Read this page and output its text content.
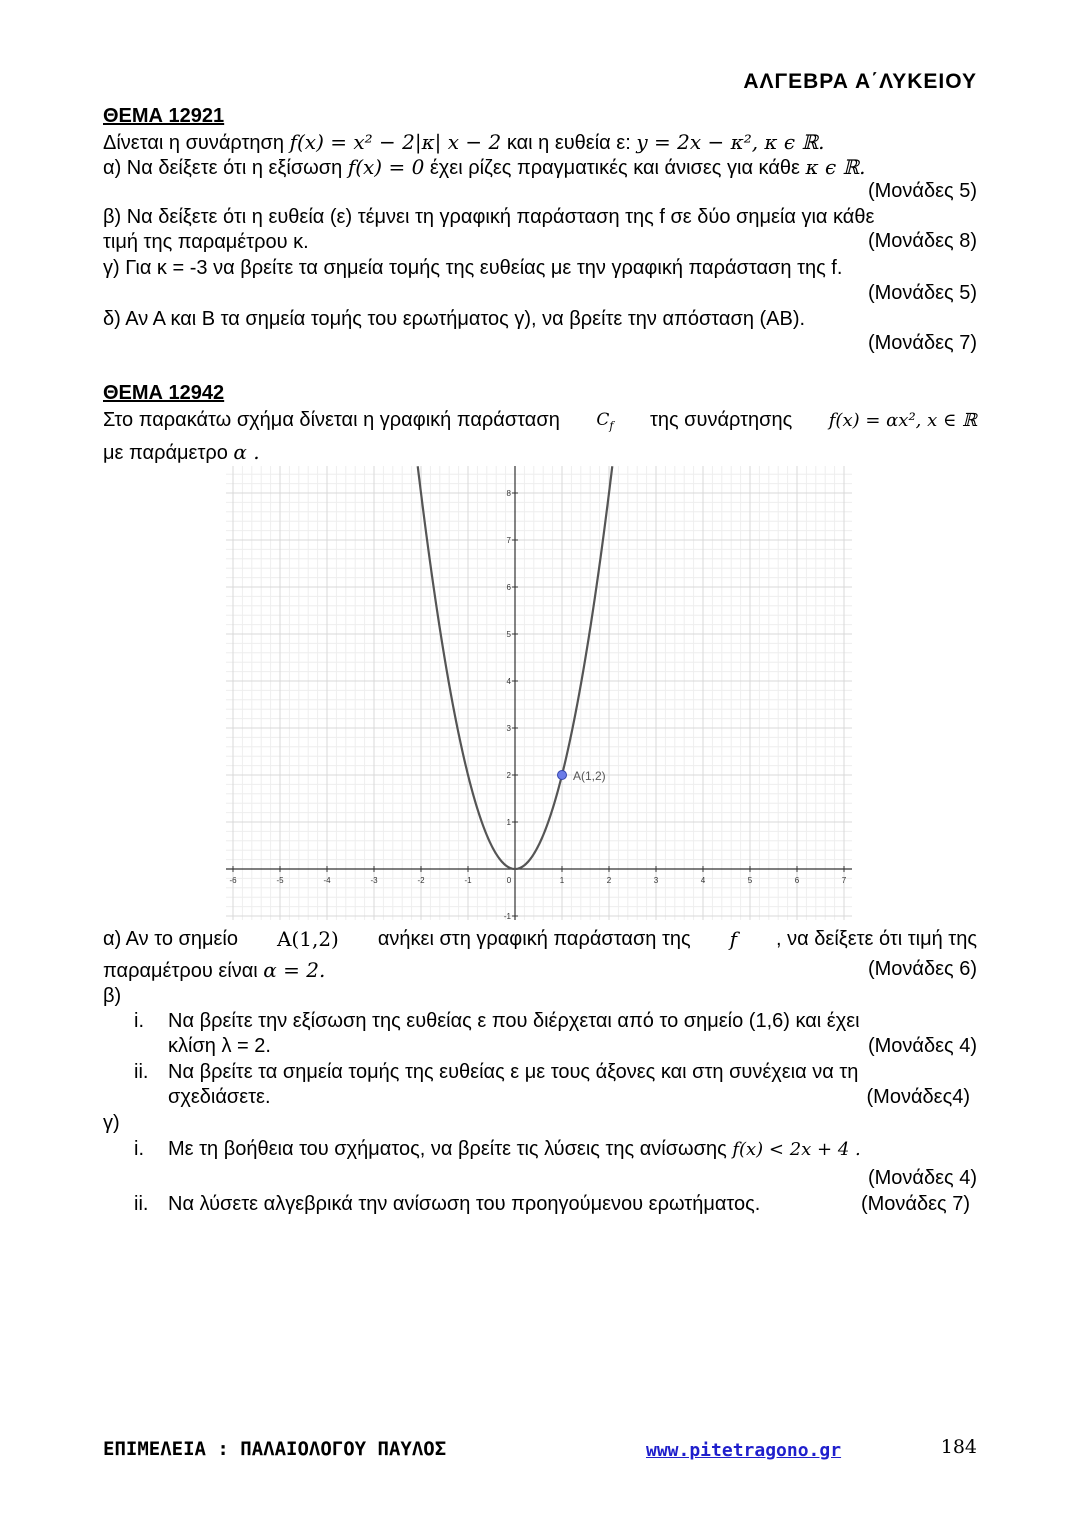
ΑΛΓΕΒΡΑ Α΄ΛΥΚΕΙΟΥ
ΘΕΜΑ 12921
Δίνεται η συνάρτηση f(x) = x² − 2|κ| x − 2 και η ευθεία ε: y = 2x − κ², κ ϵ ℝ.
α) Να δείξετε ότι η εξίσωση f(x) = 0 έχει ρίζες πραγματικές και άνισες για κάθε κ ϵ ℝ.
(Μονάδες 5)
β) Να δείξετε ότι η ευθεία (ε) τέμνει τη γραφική παράσταση της f σε δύο σημεία για κάθε
τιμή της παραμέτρου κ.	(Μονάδες 8)
γ) Για κ = -3 να βρείτε τα σημεία τομής της ευθείας με την γραφική παράσταση της f.
(Μονάδες 5)
δ) Αν Α και Β τα σημεία τομής του ερωτήματος γ), να βρείτε την απόσταση (ΑΒ).
(Μονάδες 7)
ΘΕΜΑ 12942
Στο παρακάτω σχήμα δίνεται η γραφική παράσταση $C_f$ της συνάρτησης f(x) = αx², x ∈ ℝ
με παράμετρο α .
-6	-5	-4	-3	-2	-1	0	1	2	3	4	5	6	7
-1
1
2
3
4
5
6
7
8
A(1,2)
α) Αν το σημείο Α(1,2) ανήκει στη γραφική παράσταση της f , να δείξετε ότι τιμή της
παραμέτρου είναι α = 2.	(Μονάδες 6)
β)
i. Να βρείτε την εξίσωση της ευθείας ε που διέρχεται από το σημείο (1,6) και έχει
κλίση λ = 2.	(Μονάδες 4)
ii. Να βρείτε τα σημεία τομής της ευθείας ε με τους άξονες και στη συνέχεια να τη
σχεδιάσετε.	(Μονάδες4)
γ)
i. Με τη βοήθεια του σχήματος, να βρείτε τις λύσεις της ανίσωσης f(x) < 2x + 4 .
(Μονάδες 4)
ii. Να λύσετε αλγεβρικά την ανίσωση του προηγούμενου ερωτήματος.	(Μονάδες 7)
ΕΠΙΜΕΛΕΙΑ : ΠΑΛΑΙΟΛΟΓΟΥ ΠΑΥΛΟΣ	www.pitetragono.gr	184
